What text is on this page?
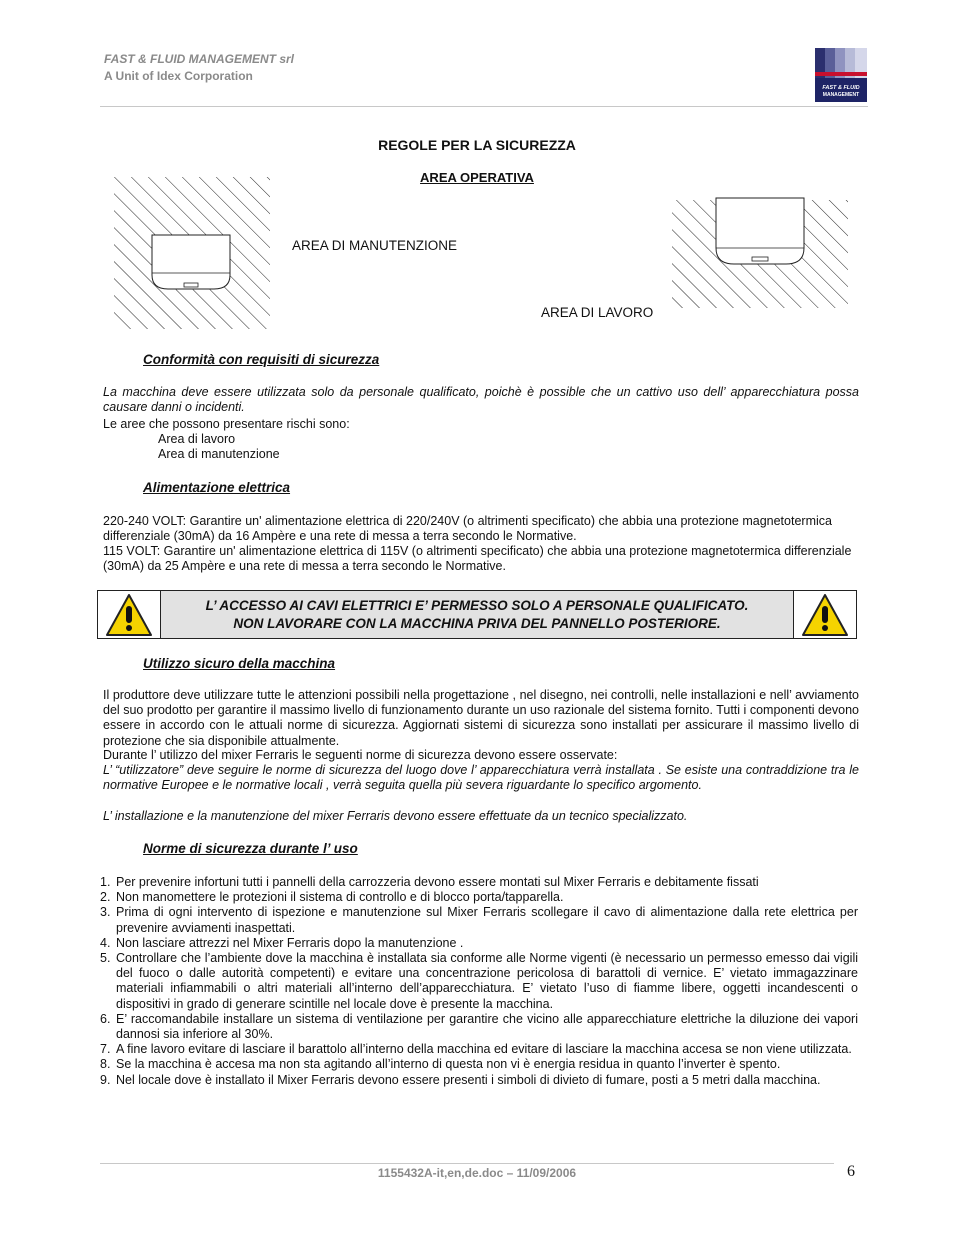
FAST & FLUID MANAGEMENT srl
A Unit of Idex Corporation
FAST & FLUID
MANAGEMENT
REGOLE PER LA SICUREZZA
AREA OPERATIVA
AREA DI MANUTENZIONE
AREA DI LAVORO
Conformità con requisiti di sicurezza
La macchina deve essere utilizzata solo da personale qualificato, poichè è possible che un cattivo uso dell’ apparecchiatura possa causare danni o incidenti.
Le aree che possono presentare rischi sono:
Area di lavoro
Area di manutenzione
Alimentazione elettrica
220-240 VOLT: Garantire un' alimentazione elettrica di 220/240V (o altrimenti specificato) che abbia una protezione magnetotermica differenziale (30mA) da 16 Ampère e una rete di messa a terra secondo le Normative.
115 VOLT: Garantire un' alimentazione elettrica di 115V (o altrimenti specificato) che abbia una protezione magnetotermica differenziale (30mA) da 25 Ampère e una rete di messa a terra secondo le Normative.
L’ ACCESSO AI CAVI ELETTRICI E’ PERMESSO SOLO A PERSONALE QUALIFICATO.
NON LAVORARE CON LA MACCHINA PRIVA DEL PANNELLO POSTERIORE.
Utilizzo sicuro della macchina
Il produttore deve utilizzare tutte le attenzioni possibili nella progettazione , nel disegno, nei controlli, nelle installazioni e nell’ avviamento del suo prodotto per garantire il massimo livello di funzionamento durante un uso razionale del sistema fornito. Tutti i componenti devono essere in accordo con le attuali norme di sicurezza. Aggiornati sistemi di sicurezza sono installati per assicurare il massimo livello di protezione che sia disponibile attualmente.
Durante l’ utilizzo del mixer Ferraris le seguenti norme di sicurezza devono essere osservate:
L’ “utilizzatore” deve seguire le norme di sicurezza del luogo dove l’ apparecchiatura verrà installata . Se esiste una contraddizione tra le normative Europee e le normative locali , verrà seguita quella più severa riguardante lo specifico argomento.
L’ installazione e la manutenzione del mixer Ferraris devono essere effettuate da un tecnico specializzato.
Norme di sicurezza durante l’ uso
1. Per prevenire infortuni tutti i pannelli della carrozzeria devono essere montati sul Mixer Ferraris e debitamente fissati
2. Non manomettere le protezioni il sistema di controllo e di blocco porta/tapparella.
3. Prima di ogni intervento di ispezione e manutenzione sul Mixer Ferraris scollegare il cavo di alimentazione dalla rete elettrica per prevenire avviamenti inaspettati.
4. Non lasciare attrezzi nel Mixer Ferraris dopo la manutenzione .
5. Controllare che l’ambiente dove la macchina è installata sia conforme alle Norme vigenti (è necessario un permesso emesso dai vigili del fuoco o dalle autorità competenti) e evitare una concentrazione pericolosa di barattoli di vernice. E’ vietato immagazzinare materiali infiammabili o altri materiali all’interno dell’apparecchiatura. E’ vietato l’uso di fiamme libere, oggetti incandescenti o dispositivi in grado di generare scintille nel locale dove è presente la macchina.
6. E’ raccomandabile installare un sistema di ventilazione per garantire che vicino alle apparecchiature elettriche la diluzione dei vapori dannosi sia inferiore al 30%.
7. A fine lavoro evitare di lasciare il barattolo all’interno della macchina ed evitare di lasciare la macchina accesa se non viene utilizzata.
8. Se la macchina è accesa ma non sta agitando all’interno di questa non vi è energia residua in quanto l’inverter è spento.
9. Nel locale dove è installato il Mixer Ferraris devono essere presenti i simboli di divieto di fumare, posti a 5 metri dalla macchina.
1155432A-it,en,de.doc – 11/09/2006	6
